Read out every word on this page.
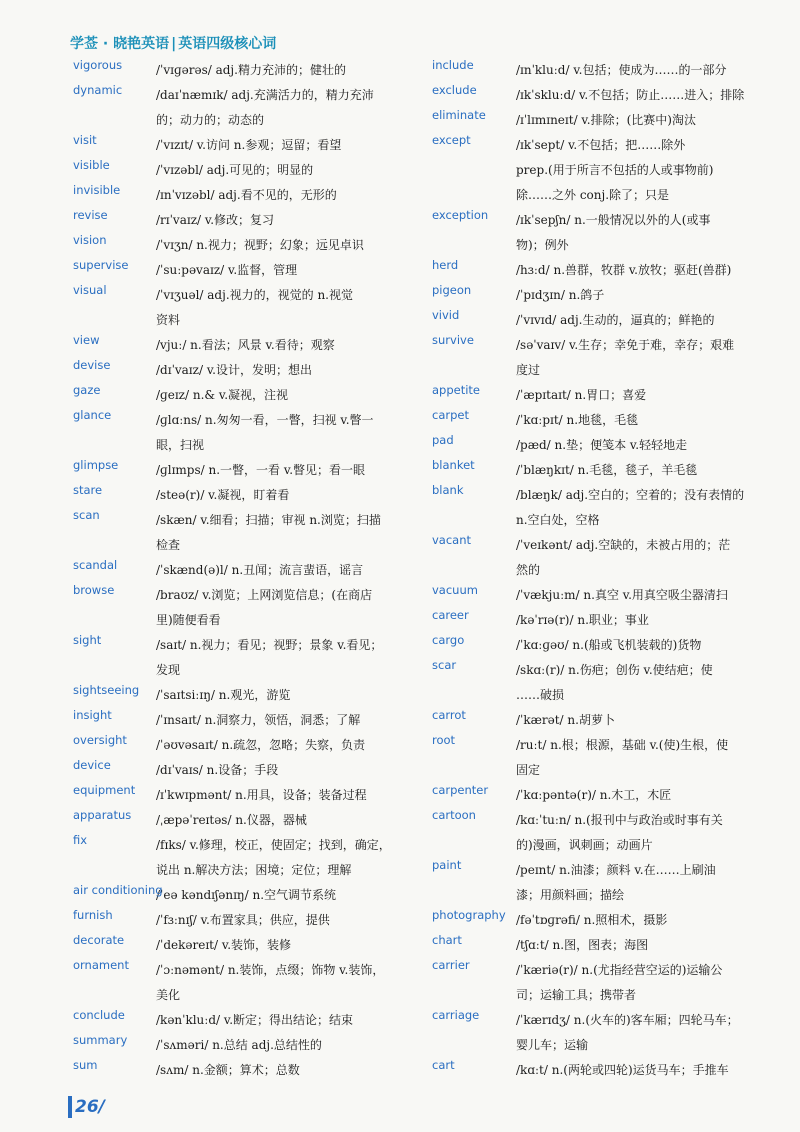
学莶 · 晓艳英语 | 英语四级核心词
vigorous	/ˈvɪɡərəs/ adj.精力充沛的；健壮的
dynamic	/daɪˈnæmɪk/ adj.充满活力的，精力充沛
的；动力的；动态的
visit	/ˈvɪzɪt/ v.访问 n.参观；逗留；看望
visible	/ˈvɪzəbl/ adj.可见的；明显的
invisible	/ɪnˈvɪzəbl/ adj.看不见的，无形的
revise	/rɪˈvaɪz/ v.修改；复习
vision	/ˈvɪʒn/ n.视力；视野；幻象；远见卓识
supervise /ˈsuːpəvaɪz/ v.监督，管理
visual	/ˈvɪʒuəl/ adj.视力的，视觉的 n.视觉
资料
view	/vjuː/ n.看法；风景 v.看待；观察
devise	/dɪˈvaɪz/ v.设计，发明；想出
gaze	/ɡeɪz/ n.& v.凝视，注视
glance	/ɡlɑːns/ n.匆匆一看，一瞥，扫视 v.瞥一
眼，扫视
glimpse	/ɡlɪmps/ n.一瞥，一看 v.瞥见；看一眼
stare	/steə(r)/ v.凝视，盯着看
scan	/skæn/ v.细看；扫描；审视 n.浏览；扫描
检查
scandal	/ˈskænd(ə)l/ n.丑闻；流言蜚语，谣言
browse	/braʊz/ v.浏览；上网浏览信息；(在商店
里)随便看看
sight	/saɪt/ n.视力；看见；视野；景象 v.看见；
发现
sightseeing /ˈsaɪtsiːɪŋ/ n.观光，游览
insight	/ˈɪnsaɪt/ n.洞察力，领悟，洞悉；了解
oversight /ˈəʊvəsaɪt/ n.疏忽，忽略；失察，负责
device	/dɪˈvaɪs/ n.设备；手段
equipment /ɪˈkwɪpmənt/ n.用具，设备；装备过程
apparatus /ˌæpəˈreɪtəs/ n.仪器，器械
fix	/fɪks/ v.修理，校正，使固定；找到，确定，
说出 n.解决方法；困境；定位；理解
air conditioning
/ˈeə kəndɪʃənɪŋ/ n.空气调节系统
furnish	/ˈfɜːnɪʃ/ v.布置家具；供应，提供
decorate	/ˈdekəreɪt/ v.装饰，装修
ornament /ˈɔːnəmənt/ n.装饰，点缀；饰物 v.装饰，
美化
conclude	/kənˈkluːd/ v.断定；得出结论；结束
summary /ˈsʌməri/ n.总结 adj.总结性的
sum	/sʌm/ n.金额；算术；总数
include	/ɪnˈkluːd/ v.包括；使成为……的一部分
exclude	/ɪkˈskluːd/ v.不包括；防止……进入；排除
eliminate	/ɪˈlɪmɪneɪt/ v.排除；(比赛中)淘汰
except	/ɪkˈsept/ v.不包括；把……除外
prep.(用于所言不包括的人或事物前)
除……之外 conj.除了；只是
exception /ɪkˈsepʃn/ n.一般情况以外的人(或事
物)；例外
herd	/hɜːd/ n.兽群，牧群 v.放牧；驱赶(兽群)
pigeon	/ˈpɪdʒɪn/ n.鸽子
vivid	/ˈvɪvɪd/ adj.生动的，逼真的；鲜艳的
survive	/səˈvaɪv/ v.生存；幸免于难，幸存；艰难
度过
appetite	/ˈæpɪtaɪt/ n.胃口；喜爱
carpet	/ˈkɑːpɪt/ n.地毯，毛毯
pad	/pæd/ n.垫；便笺本 v.轻轻地走
blanket	/ˈblæŋkɪt/ n.毛毯，毯子，羊毛毯
blank	/blæŋk/ adj.空白的；空着的；没有表情的
n.空白处，空格
vacant	/ˈveɪkənt/ adj.空缺的，未被占用的；茫
然的
vacuum	/ˈvækjuːm/ n.真空 v.用真空吸尘器清扫
career	/kəˈrɪə(r)/ n.职业；事业
cargo	/ˈkɑːɡəʊ/ n.(船或飞机装载的)货物
scar	/skɑː(r)/ n.伤疤；创伤 v.使结疤；使
……破损
carrot	/ˈkærət/ n.胡萝卜
root	/ruːt/ n.根；根源，基础 v.(使)生根，使
固定
carpenter /ˈkɑːpəntə(r)/ n.木工，木匠
cartoon	/kɑːˈtuːn/ n.(报刊中与政治或时事有关
的)漫画，讽刺画；动画片
paint	/peɪnt/ n.油漆；颜料 v.在……上刷油
漆；用颜料画；描绘
photography /fəˈtɒɡrəfi/ n.照相术，摄影
chart	/tʃɑːt/ n.图，图表；海图
carrier	/ˈkæriə(r)/ n.(尤指经营空运的)运输公
司；运输工具；携带者
carriage	/ˈkærɪdʒ/ n.(火车的)客车厢；四轮马车；
婴儿车；运输
cart	/kɑːt/ n.(两轮或四轮)运货马车；手推车
26/
